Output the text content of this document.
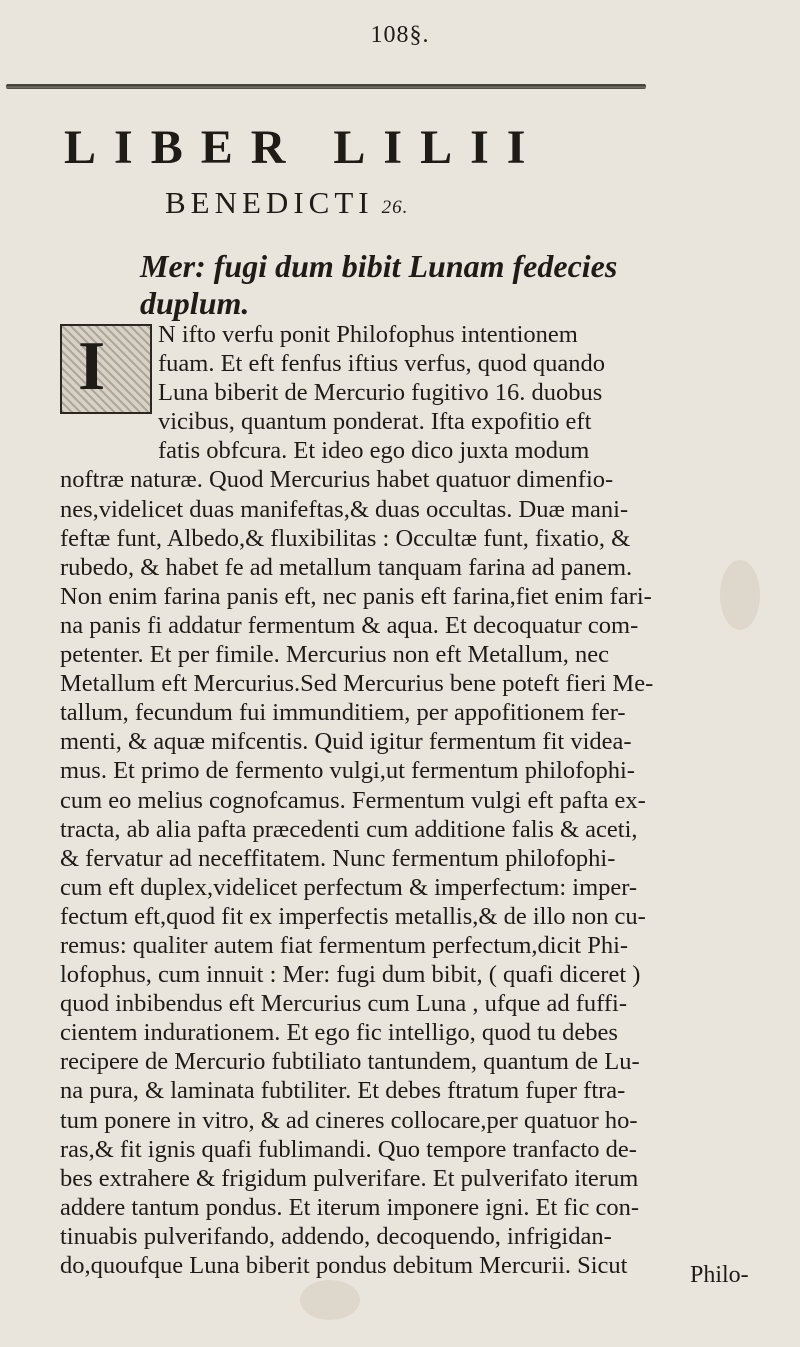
108§.
LIBER LILII
BENEDICTI 26.
Mer: fugi dum bibit Lunam fedecies duplum.
I	N ifto verfu ponit Philofophus intentionem
fuam. Et eft fenfus iftius verfus, quod quando
Luna biberit de Mercurio fugitivo 16. duobus
vicibus, quantum ponderat. Ifta expofitio eft
fatis obfcura. Et ideo ego dico juxta modum
noftræ naturæ. Quod Mercurius habet quatuor dimenfio-
nes,videlicet duas manifeftas,& duas occultas. Duæ mani-
feftæ funt, Albedo,& fluxibilitas : Occultæ funt, fixatio, &
rubedo, & habet fe ad metallum tanquam farina ad panem.
Non enim farina panis eft, nec panis eft farina,fiet enim fari-
na panis fi addatur fermentum & aqua. Et decoquatur com-
petenter. Et per fimile. Mercurius non eft Metallum, nec
Metallum eft Mercurius.Sed Mercurius bene poteft fieri Me-
tallum, fecundum fui immunditiem, per appofitionem fer-
menti, & aquæ mifcentis. Quid igitur fermentum fit videa-
mus. Et primo de fermento vulgi,ut fermentum philofophi-
cum eo melius cognofcamus. Fermentum vulgi eft pafta ex-
tracta, ab alia pafta præcedenti cum additione falis & aceti,
& fervatur ad neceffitatem. Nunc fermentum philofophi-
cum eft duplex,videlicet perfectum & imperfectum: imper-
fectum eft,quod fit ex imperfectis metallis,& de illo non cu-
remus: qualiter autem fiat fermentum perfectum,dicit Phi-
lofophus, cum innuit : Mer: fugi dum bibit, ( quafi diceret )
quod inbibendus eft Mercurius cum Luna , ufque ad fuffi-
cientem indurationem. Et ego fic intelligo, quod tu debes
recipere de Mercurio fubtiliato tantundem, quantum de Lu-
na pura, & laminata fubtiliter. Et debes ftratum fuper ftra-
tum ponere in vitro, & ad cineres collocare,per quatuor ho-
ras,& fit ignis quafi fublimandi. Quo tempore tranfacto de-
bes extrahere & frigidum pulverifare. Et pulverifato iterum
addere tantum pondus. Et iterum imponere igni. Et fic con-
tinuabis pulverifando, addendo, decoquendo, infrigidan-
do,quoufque Luna biberit pondus debitum Mercurii. Sicut	Philo-
